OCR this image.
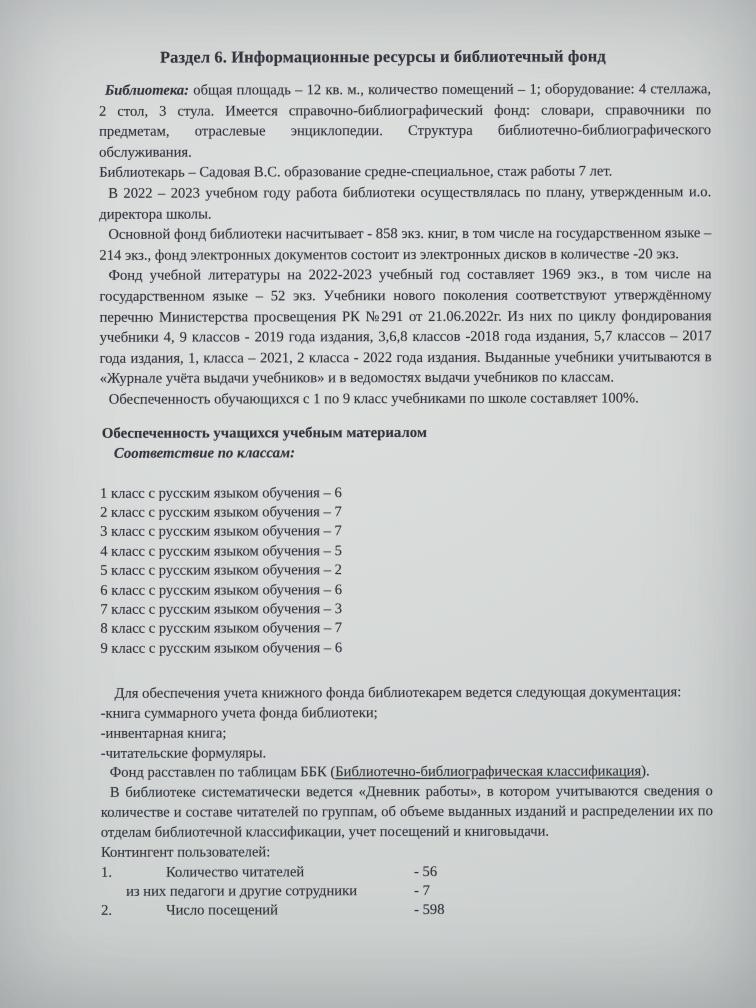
Раздел 6. Информационные ресурсы и библиотечный фонд

Библиотека: общая площадь – 12 кв. м., количество помещений – 1; оборудование: 4 стеллажа, 2 стол, 3 стула. Имеется справочно-библиографический фонд: словари, справочники по предметам, отраслевые энциклопедии. Структура библиотечно-библиографического обслуживания.

Библиотекарь – Садовая В.С. образование средне-специальное, стаж работы 7 лет.

В 2022 – 2023 учебном году работа библиотеки осуществлялась по плану, утвержденным и.о. директора школы.

Основной фонд библиотеки насчитывает - 858 экз. книг, в том числе на государственном языке –214 экз., фонд электронных документов состоит из электронных дисков в количестве -20 экз.

Фонд учебной литературы на 2022-2023 учебный год составляет 1969 экз., в том числе на государственном языке – 52 экз. Учебники нового поколения соответствуют утверждённому перечню Министерства просвещения РК №291 от 21.06.2022г. Из них по циклу фондирования учебники 4, 9 классов - 2019 года издания, 3,6,8 классов -2018 года издания, 5,7 классов – 2017 года издания, 1, класса – 2021, 2 класса - 2022 года издания. Выданные учебники учитываются в «Журнале учёта выдачи учебников» и в ведомостях выдачи учебников по классам.

Обеспеченность обучающихся с 1 по 9 класс учебниками по школе составляет 100%.

Обеспеченность учащихся учебным материалом
Соответствие по классам:
1 класс с русским языком обучения – 6
2 класс с русским языком обучения – 7
3 класс с русским языком обучения – 7
4 класс с русским языком обучения – 5
5 класс с русским языком обучения – 2
6 класс с русским языком обучения – 6
7 класс с русским языком обучения – 3
8 класс с русским языком обучения – 7
9 класс с русским языком обучения – 6

Для обеспечения учета книжного фонда библиотекарем ведется следующая документация:

-книга суммарного учета фонда библиотеки;
-инвентарная книга;
-читательские формуляры.

Фонд расставлен по таблицам ББК (Библиотечно-библиографическая классификация).

В библиотеке систематически ведется «Дневник работы», в котором учитываются сведения о количестве и составе читателей по группам, об объеме выданных изданий и распределении их по отделам библиотечной классификации, учет посещений и книговыдачи.

Контингент пользователей:
1.	Количество читателей	- 56
из них педагоги и другие сотрудники	- 7
2.	Число посещений	- 598
